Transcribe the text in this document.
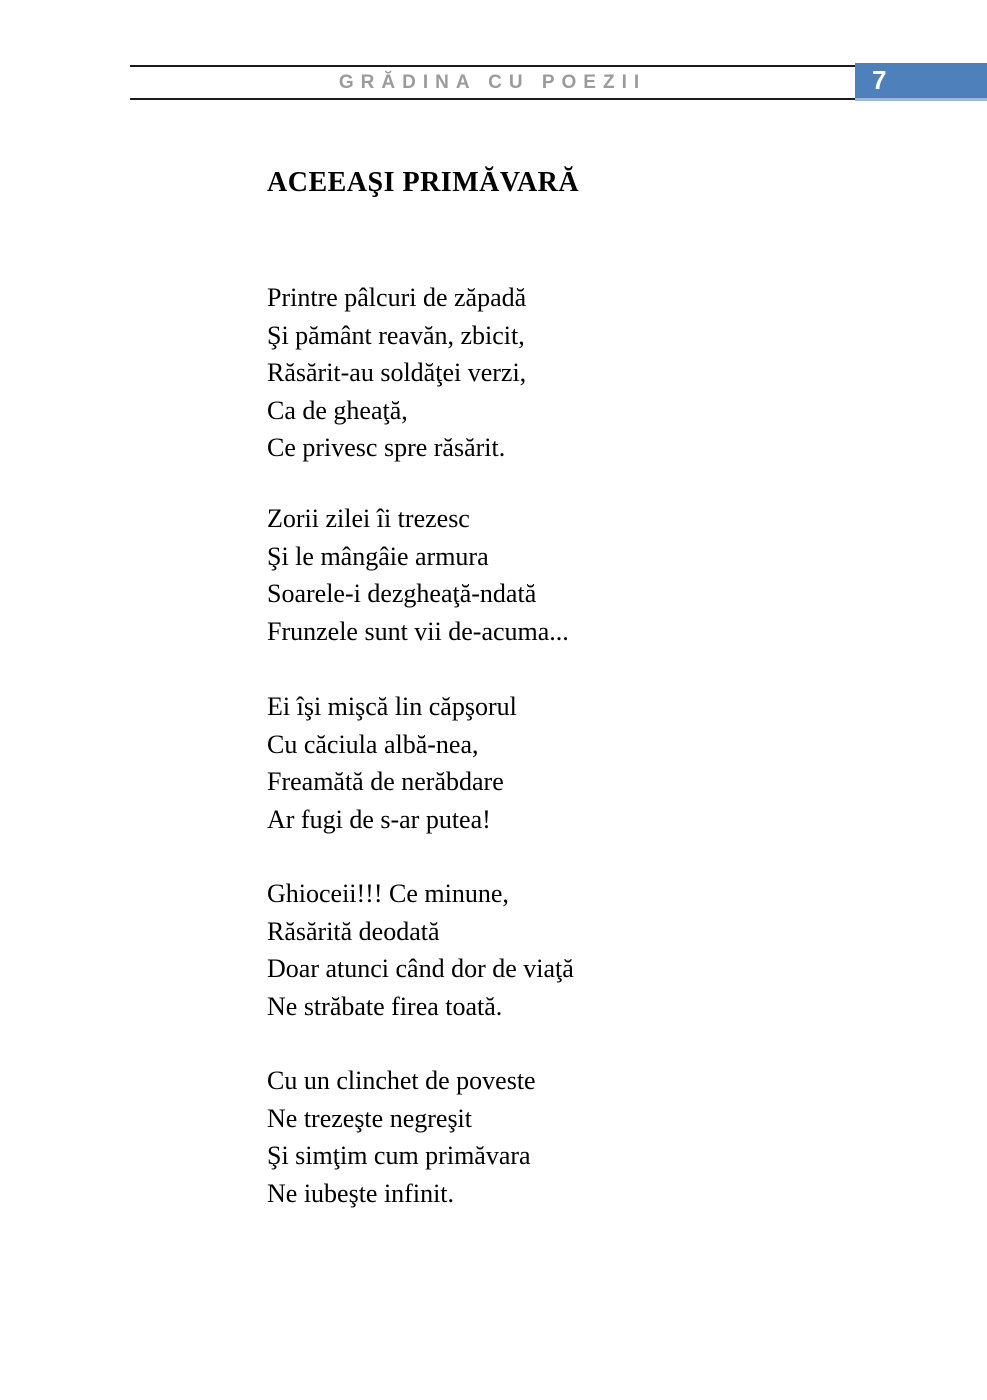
GRĂDINA CU POEZII	7
ACEEAŞI PRIMĂVARĂ
Printre pâlcuri de zăpadă
Şi pământ reavăn, zbicit,
Răsărit-au soldăţei verzi,
Ca de gheaţă,
Ce privesc spre răsărit.
Zorii zilei îi trezesc
Şi le mângâie armura
Soarele-i dezgheaţă-ndată
Frunzele sunt vii de-acuma...
Ei îşi mişcă lin căpşorul
Cu căciula albă-nea,
Freamătă de nerăbdare
Ar fugi de s-ar putea!
Ghioceii!!! Ce minune,
Răsărită deodată
Doar atunci când dor de viaţă
Ne străbate firea toată.
Cu un clinchet de poveste
Ne trezeşte negreşit
Şi simţim cum primăvara
Ne iubeşte infinit.
